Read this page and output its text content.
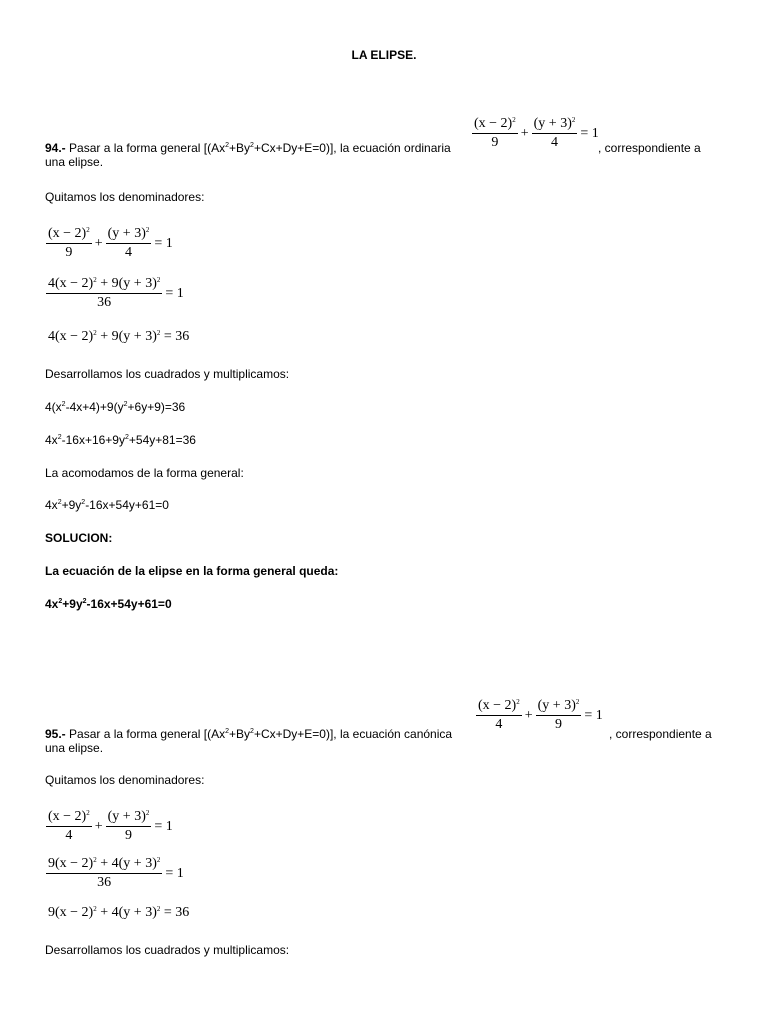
LA ELIPSE.
$\frac{(x - 2)^2}{9} + \frac{(y + 3)^2}{4} = 1$
94.- Pasar a la forma general $[(Ax^2+By^2+Cx+Dy+E=0)]$, la ecuación ordinaria	, correspondiente a
una elipse.
Quitamos los denominadores:
$\frac{(x - 2)^2}{9} + \frac{(y + 3)^2}{4} = 1$
$\frac{4(x - 2)^2 + 9(y + 3)^2}{36} = 1$
$4(x - 2)^2 + 9(y + 3)^2 = 36$
Desarrollamos los cuadrados y multiplicamos:
$4(x^2-4x+4)+9(y^2+6y+9)=36$
$4x^2-16x+16+9y^2+54y+81=36$
La acomodamos de la forma general:
$4x^2+9y^2-16x+54y+61=0$
SOLUCION:
La ecuación de la elipse en la forma general queda:
$4x^2+9y^2-16x+54y+61=0$
$\frac{(x - 2)^2}{4} + \frac{(y + 3)^2}{9} = 1$
95.- Pasar a la forma general $[(Ax^2+By^2+Cx+Dy+E=0)]$, la ecuación canónica	, correspondiente a
una elipse.
Quitamos los denominadores:
$\frac{(x - 2)^2}{4} + \frac{(y + 3)^2}{9} = 1$
$\frac{9(x - 2)^2 + 4(y + 3)^2}{36} = 1$
$9(x - 2)^2 + 4(y + 3)^2 = 36$
Desarrollamos los cuadrados y multiplicamos:
